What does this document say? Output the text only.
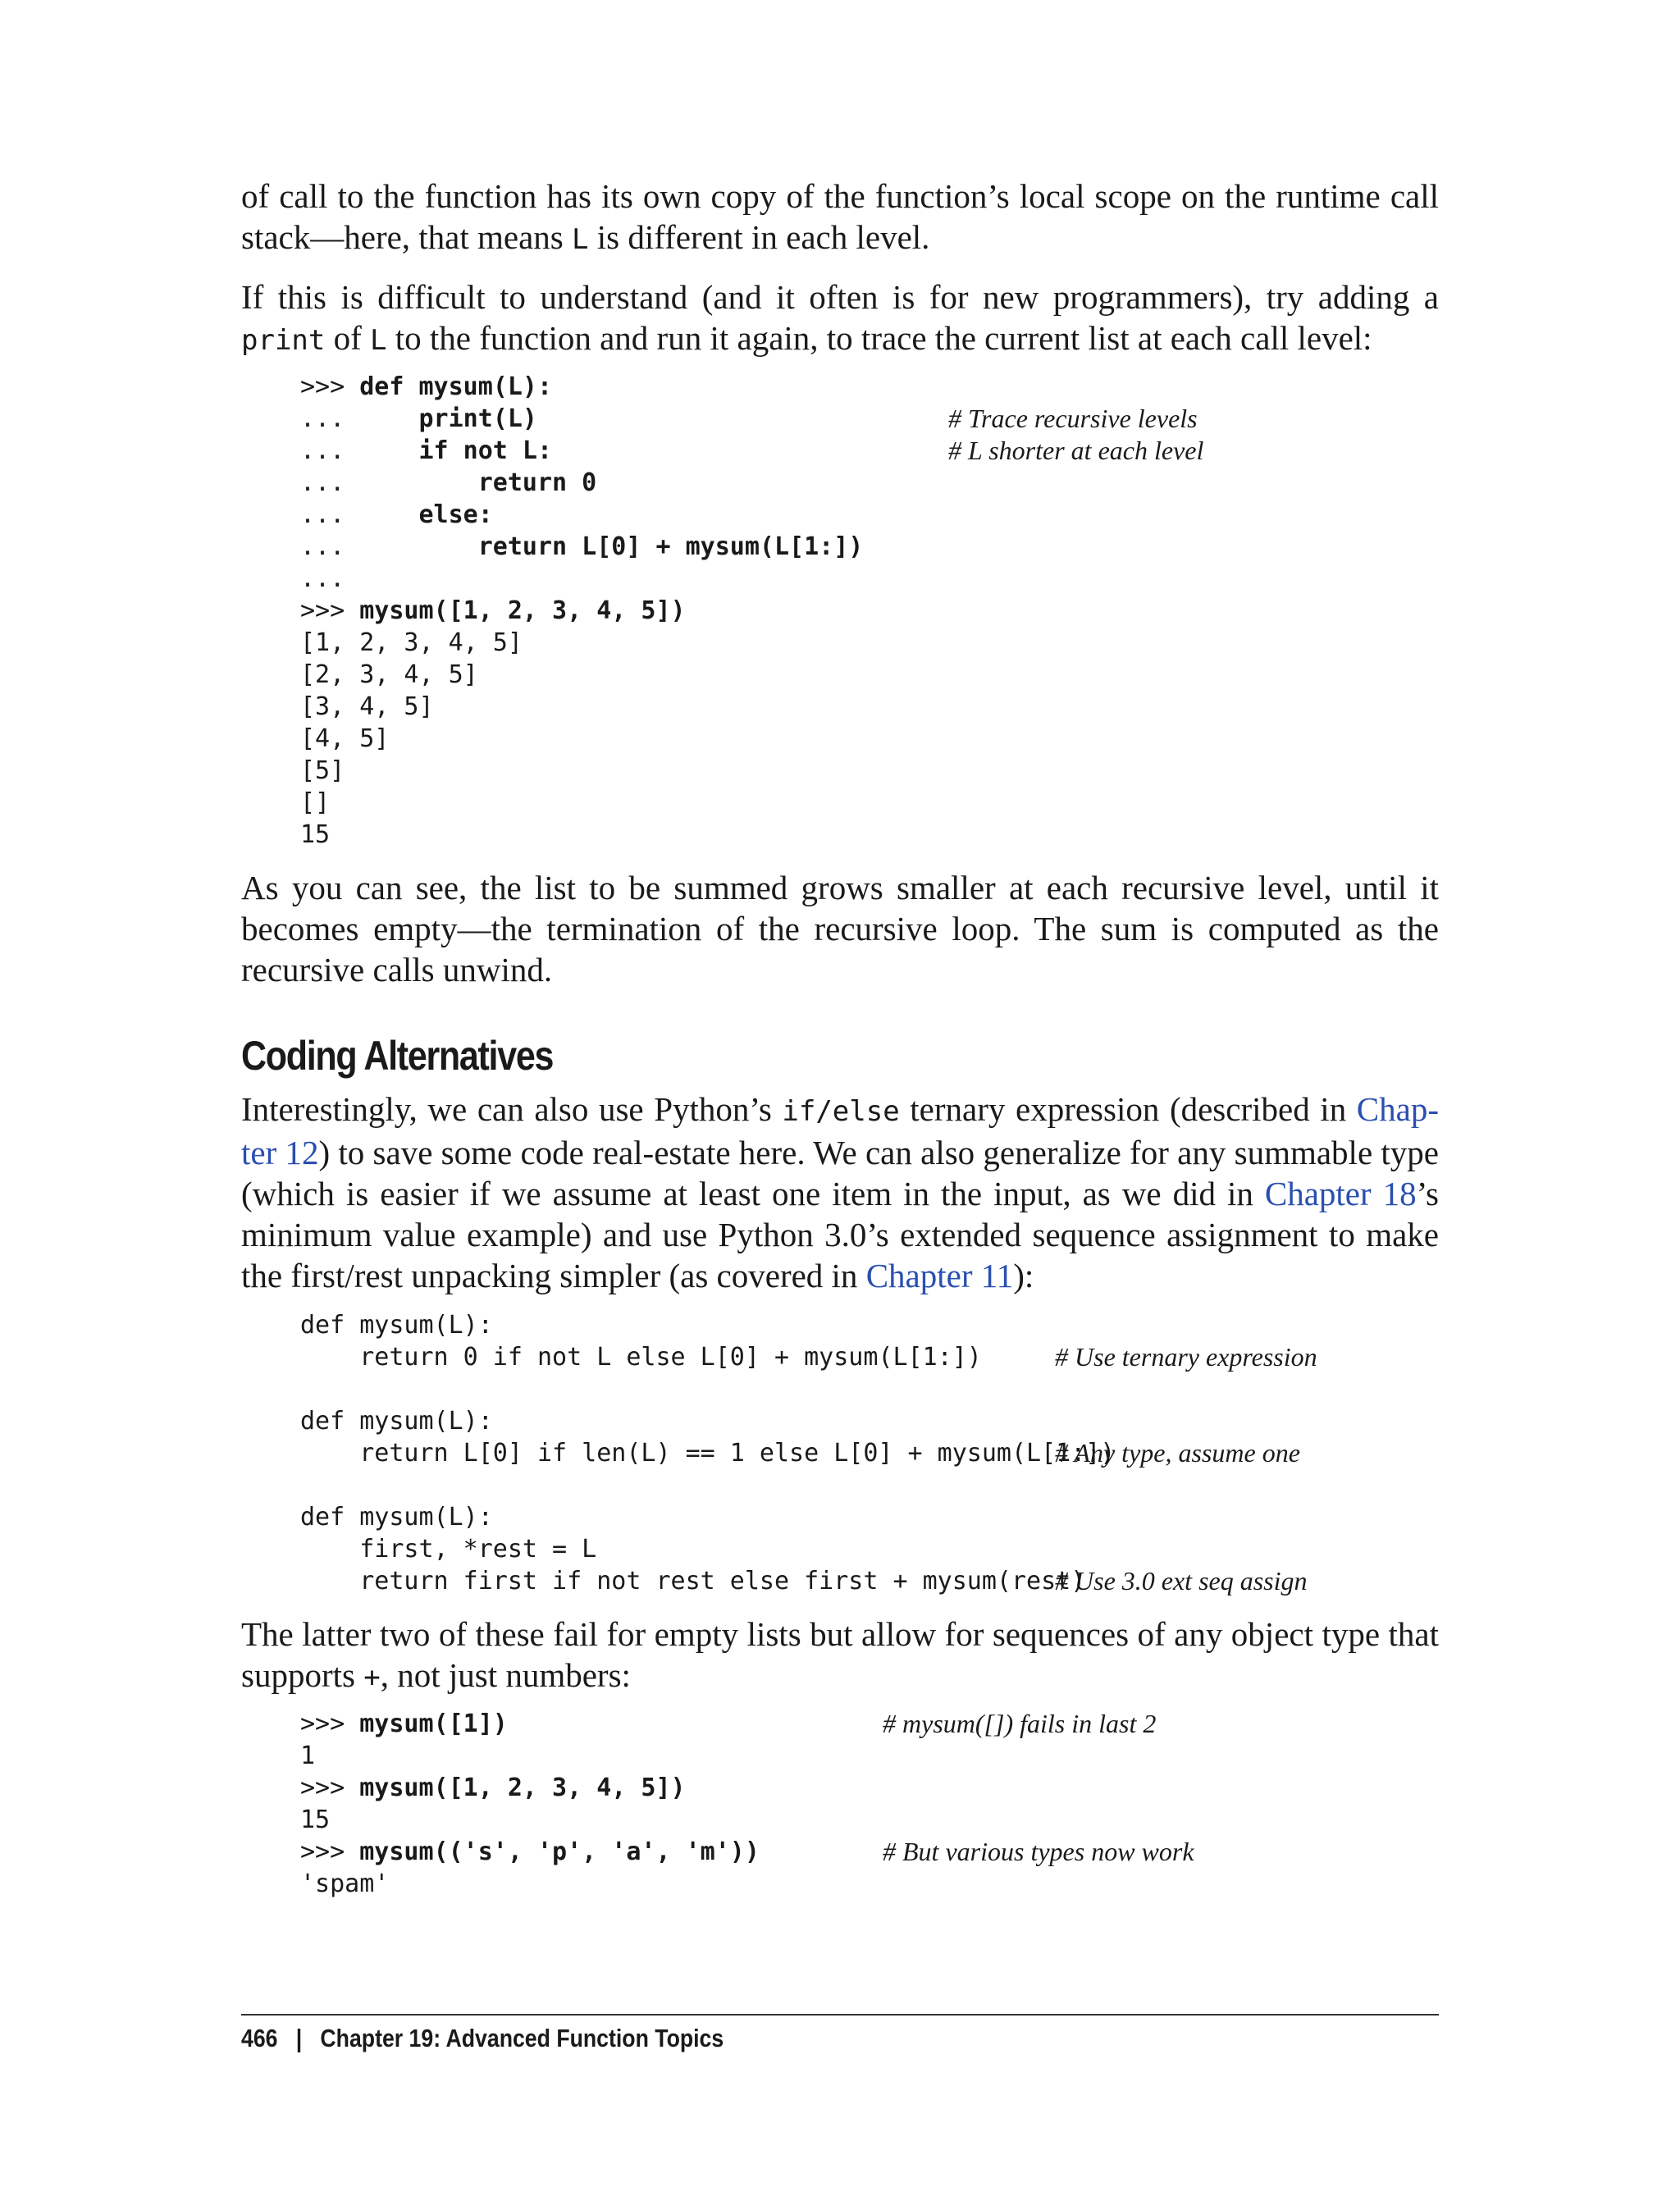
of call to the function has its own copy of the function’s local scope on the runtime call stack—here, that means L is different in each level.

If this is difficult to understand (and it often is for new programmers), try adding a print of L to the function and run it again, to trace the current list at each call level:

>>> def mysum(L):
...     print(L)	# Trace recursive levels
...     if not L:	# L shorter at each level
...         return 0
...     else:
...         return L[0] + mysum(L[1:])
...
>>> mysum([1, 2, 3, 4, 5])
[1, 2, 3, 4, 5]
[2, 3, 4, 5]
[3, 4, 5]
[4, 5]
[5]
[]
15

As you can see, the list to be summed grows smaller at each recursive level, until it becomes empty—the termination of the recursive loop. The sum is computed as the recursive calls unwind.

Coding Alternatives

Interestingly, we can also use Python’s if/else ternary expression (described in Chapter 12) to save some code real-estate here. We can also generalize for any summable type (which is easier if we assume at least one item in the input, as we did in Chapter 18’s minimum value example) and use Python 3.0’s extended sequence assignment to make the first/rest unpacking simpler (as covered in Chapter 11):

def mysum(L):
return 0 if not L else L[0] + mysum(L[1:])	# Use ternary expression
def mysum(L):
return L[0] if len(L) == 1 else L[0] + mysum(L[1:])
# Any type, assume one
def mysum(L):
first, *rest = L
return first if not rest else first + mysum(rest)
# Use 3.0 ext seq assign

The latter two of these fail for empty lists but allow for sequences of any object type that supports +, not just numbers:

>>> mysum([1])	# mysum([]) fails in last 2
1
>>> mysum([1, 2, 3, 4, 5])
15
>>> mysum(('s', 'p', 'a', 'm'))	# But various types now work
'spam'
466 | Chapter 19: Advanced Function Topics
